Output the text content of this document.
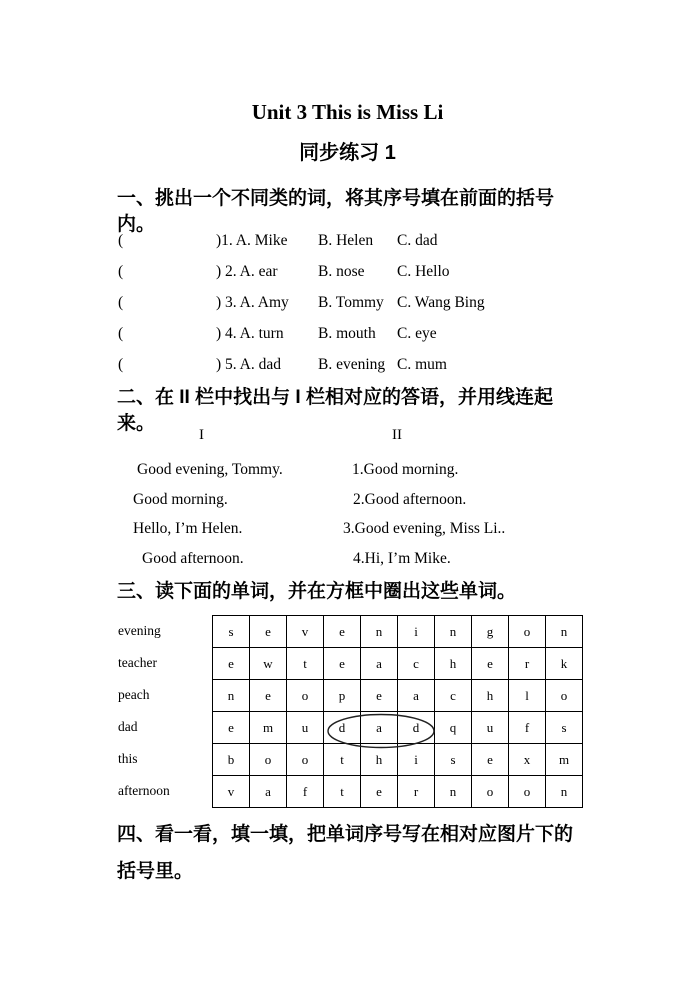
Unit 3 This is Miss Li
同步练习 1
一、挑出一个不同类的词，将其序号填在前面的括号内。
(	)1. A. Mike	B. Helen	C. dad
(	) 2. A. ear	B. nose	C. Hello
(	) 3. A. Amy	B. Tommy C. Wang Bing
(	) 4. A. turn	B. mouth	C. eye
(	) 5. A. dad	B. evening C. mum
二、在 II 栏中找出与 I 栏相对应的答语，并用线连起来。
I	II
Good evening, Tommy.	1.Good morning.
Good morning.	2.Good afternoon.
Hello, I’m Helen.	3.Good evening, Miss Li..
Good afternoon.	4.Hi, I’m Mike.
三、读下面的单词，并在方框中圈出这些单词。
evening
teacher
peach
dad
this
afternoon
s	e	v	e	n	i	n	g	o	n
e	w	t	e	a	c	h	e	r	k
n	e	o	p	e	a	c	h	l	o
e	m	u	d	a	d	q	u	f	s
b	o	o	t	h	i	s	e	x	m
v	a	f	t	e	r	n	o	o	n
四、看一看，填一填，把单词序号写在相对应图片下的
括号里。
